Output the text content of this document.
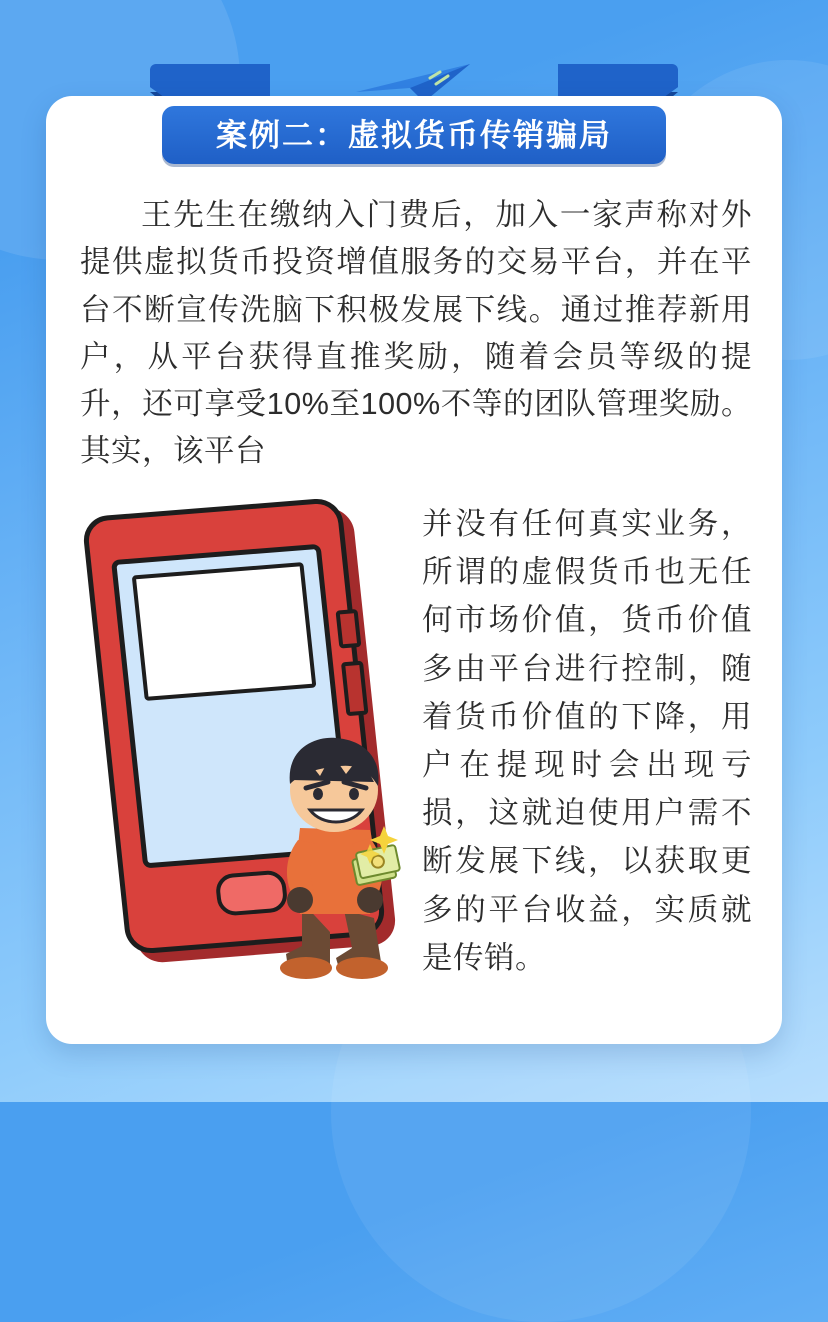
案例二：虚拟货币传销骗局

王先生在缴纳入门费后，加入一家声称对外提供虚拟货币投资增值服务的交易平台，并在平台不断宣传洗脑下积极发展下线。通过推荐新用户，从平台获得直推奖励，随着会员等级的提升，还可享受10%至100%不等的团队管理奖励。其实，该平台

并没有任何真实业务，所谓的虚假货币也无任何市场价值，货币价值多由平台进行控制，随着货币价值的下降，用户在提现时会出现亏损，这就迫使用户需不断发展下线，以获取更多的平台收益，实质就是传销。
